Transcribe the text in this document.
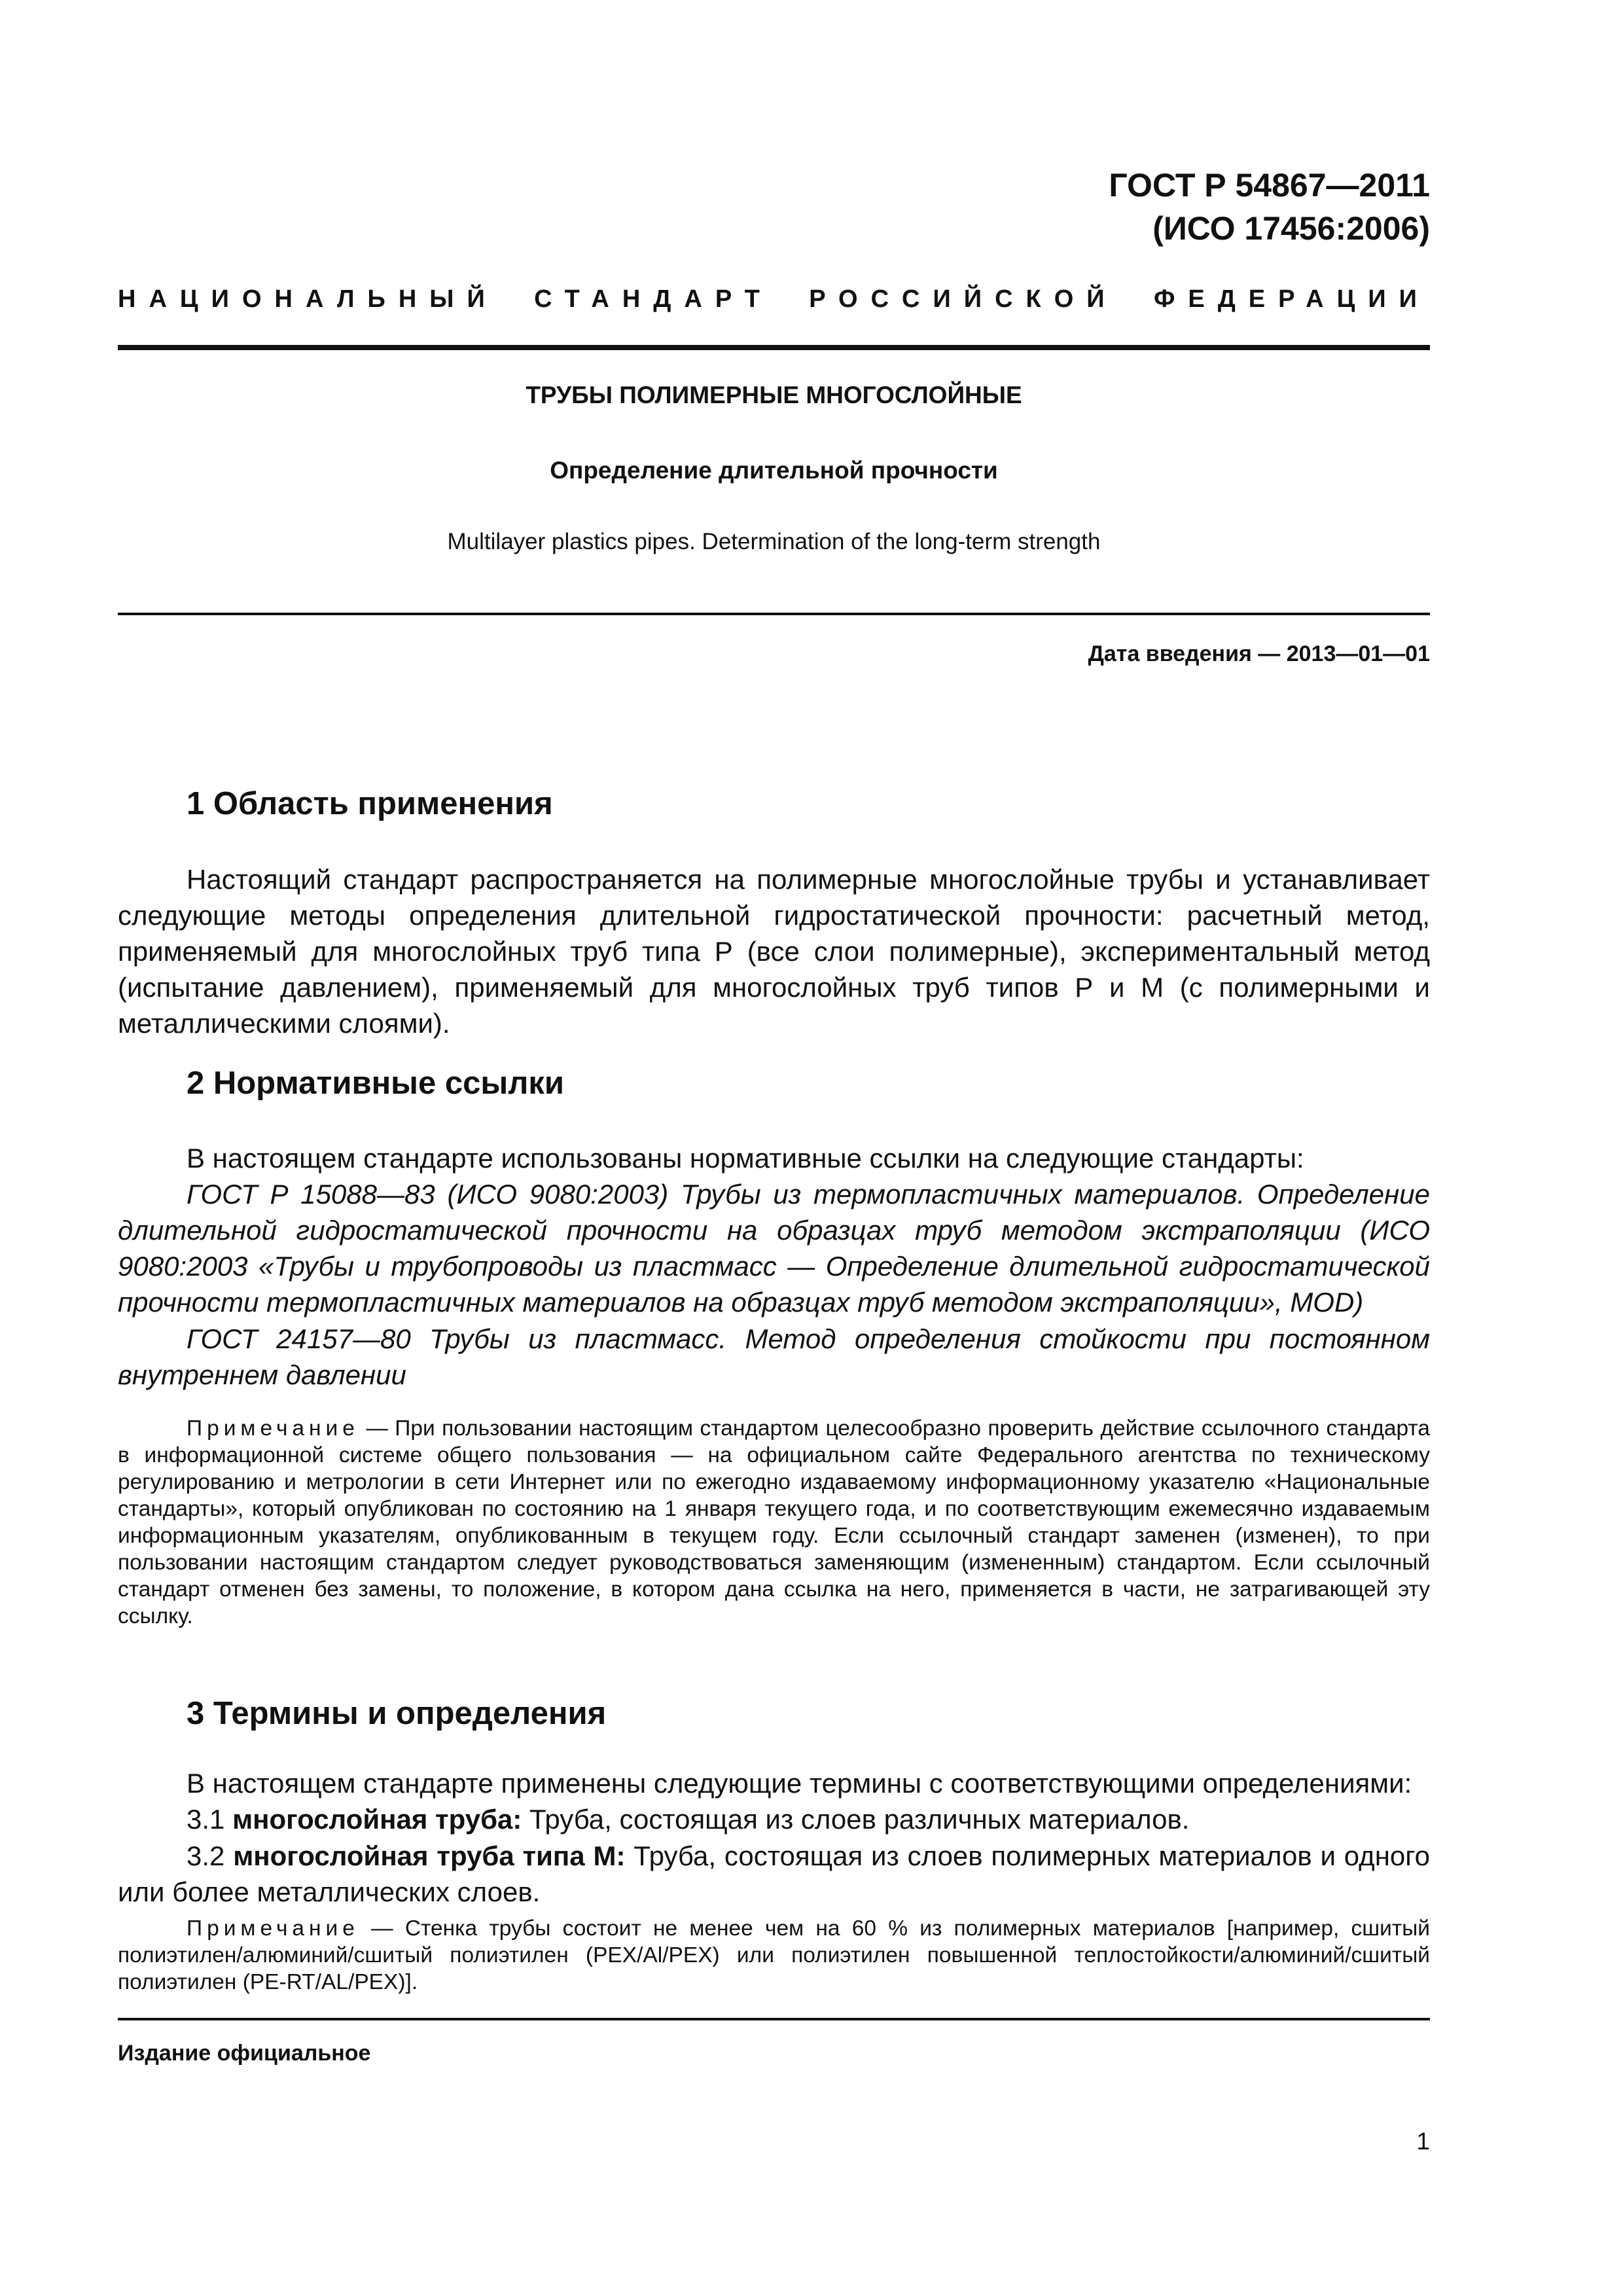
ГОСТ Р 54867—2011
(ИСО 17456:2006)
НАЦИОНАЛЬНЫЙ СТАНДАРТ РОССИЙСКОЙ ФЕДЕРАЦИИ
ТРУБЫ ПОЛИМЕРНЫЕ МНОГОСЛОЙНЫЕ
Определение длительной прочности
Multilayer plastics pipes. Determination of the long-term strength
Дата введения — 2013—01—01
1 Область применения
Настоящий стандарт распространяется на полимерные многослойные трубы и устанавливает следующие методы определения длительной гидростатической прочности: расчетный метод, применяемый для многослойных труб типа Р (все слои полимерные), экспериментальный метод (испытание давлением), применяемый для многослойных труб типов Р и М (с полимерными и металлическими слоями).
2 Нормативные ссылки
В настоящем стандарте использованы нормативные ссылки на следующие стандарты:
ГОСТ Р 15088—83 (ИСО 9080:2003) Трубы из термопластичных материалов. Определение длительной гидростатической прочности на образцах труб методом экстраполяции (ИСО 9080:2003 «Трубы и трубопроводы из пластмасс — Определение длительной гидростатической прочности термопластичных материалов на образцах труб методом экстраполяции», MOD)
ГОСТ 24157—80 Трубы из пластмасс. Метод определения стойкости при постоянном внутреннем давлении
Примечание — При пользовании настоящим стандартом целесообразно проверить действие ссылочного стандарта в информационной системе общего пользования — на официальном сайте Федерального агентства по техническому регулированию и метрологии в сети Интернет или по ежегодно издаваемому информационному указателю «Национальные стандарты», который опубликован по состоянию на 1 января текущего года, и по соответствующим ежемесячно издаваемым информационным указателям, опубликованным в текущем году. Если ссылочный стандарт заменен (изменен), то при пользовании настоящим стандартом следует руководствоваться заменяющим (измененным) стандартом. Если ссылочный стандарт отменен без замены, то положение, в котором дана ссылка на него, применяется в части, не затрагивающей эту ссылку.
3 Термины и определения
В настоящем стандарте применены следующие термины с соответствующими определениями:
3.1 многослойная труба: Труба, состоящая из слоев различных материалов.
3.2 многослойная труба типа М: Труба, состоящая из слоев полимерных материалов и одного или более металлических слоев.
Примечание — Стенка трубы состоит не менее чем на 60 % из полимерных материалов [например, сшитый полиэтилен/алюминий/сшитый полиэтилен (PEX/Al/PEX) или полиэтилен повышенной теплостойкости/алюминий/сшитый полиэтилен (PE-RT/AL/PEX)].
Издание официальное
1
